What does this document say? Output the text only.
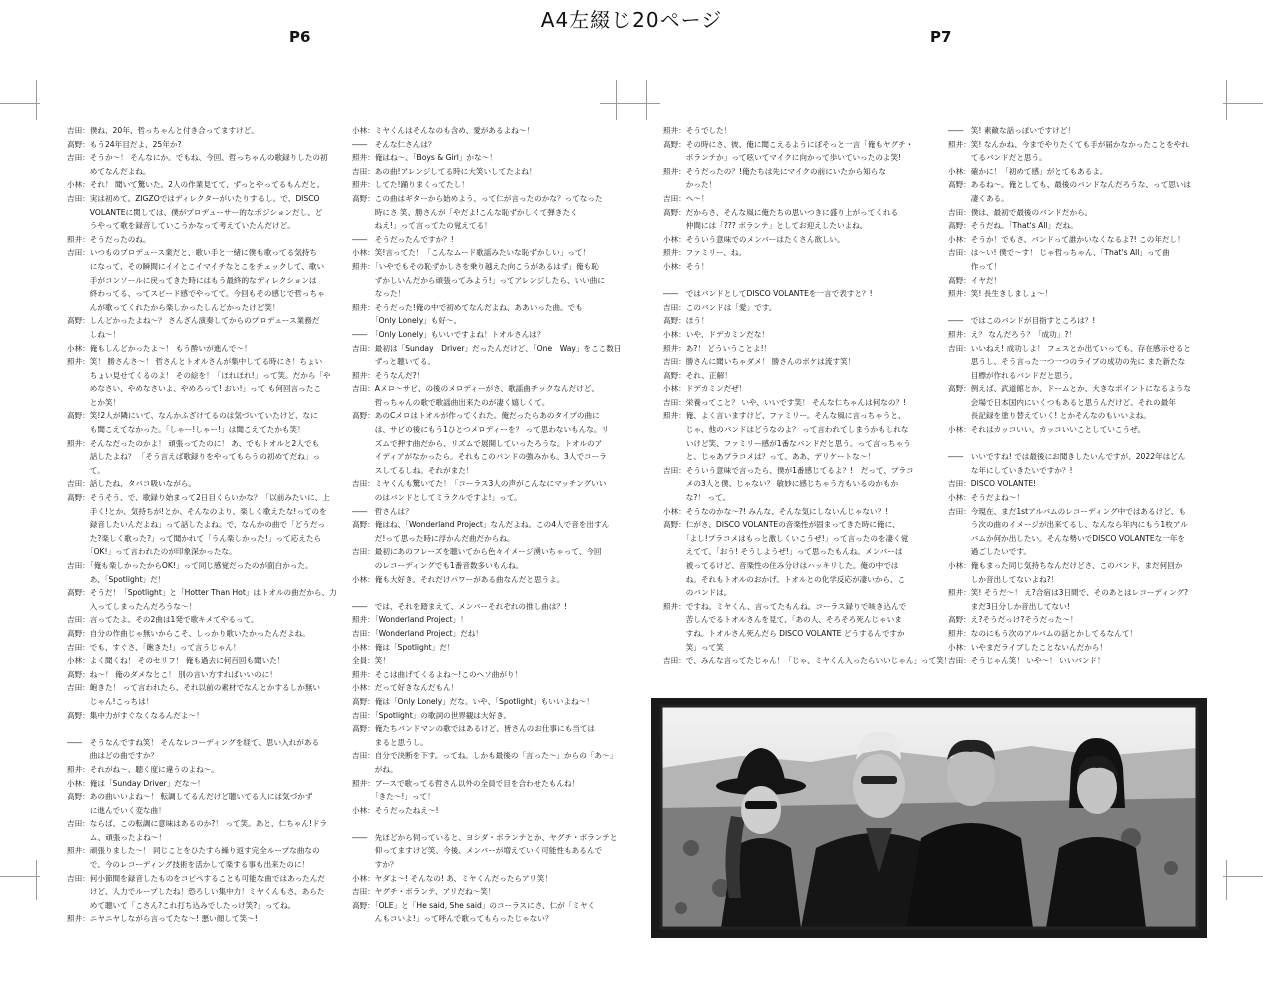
A4左綴じ20ページ
P6	P7

吉田：僕ね、20年、哲っちゃんと付き合ってますけど。

高野：もう24年目だよ、25年か?

吉田：そうか～！ そんなにか。でもね、今回、哲っちゃんの歌録りしたの初

　　　めてなんだよね。

小林：それ！ 聞いて驚いた。2人の作業見てて、ずっとやってるもんだと。

吉田：実は初めて。ZIGZOではディレクターがいたりするし。で、DISCO

　　　VOLANTEに関しては、僕がプロデューサー的なポジションだし、ど

　　　うやって歌を録音していこうかなって考えていたんだけど。

照井：そうだったのね。

吉田：いつものプロデュース業だと、歌い手と一緒に僕も歌ってる気持ち

　　　になって、その瞬間にイイとこイマイチなとこをチェックして、歌い

　　　手がコンソールに戻ってきた時にはもう最終的なディレクションは

　　　終わってる、ってスピード感でやってて。今回もその感じで哲っちゃ

　　　んが歌ってくれたから楽しかったしんどかったけど笑！

高野：しんどかったよね～？ さんざん演奏してからのプロデュース業務だ

　　　しね～！

小林：俺もしんどかったよ～！ もう酔いが進んで～！

照井：笑！ 勝さんさ～！ 哲さんとトオルさんが集中してる時にさ！ちょい

　　　ちょい見せてくるのよ！ その絵を！「ほれほれ!」って笑。だから「や

　　　めなさい、やめなさいよ、やめろって! おい!」って も何回言ったこ

　　　とか笑！

高野：笑!2人が隣にいて、なんかふざけてるのは気づいていたけど、なに

　　　も聞こえてなかった。「しゃー!しゃー!」は聞こえてたかも笑！

照井：そんなだったのかよ！ 頑張ってたのに！ あ、でもトオルと2人でも

　　　話したよね？ 「そう言えば歌録りをやってもらうの初めてだね」っ

　　　て。

吉田：話したね、タバコ吸いながら。

高野：そうそう、で、歌録り始まって2日目くらいかな？「以前みたいに、上

　　　手く!とか、気持ちが!とか、そんなのより、楽しく歌えたな!ってのを

　　　録音したいんだよね」って話したよね。で、なんかの曲で「どうだっ

　　　た?楽しく歌った?」って聞かれて「うん楽しかった!」って応えたら

　　　「OK!」って言われたのが印象深かったな。

吉田：「俺も楽しかったからOK!」って同じ感覚だったのが面白かった。

　　　あ、「Spotlight」だ！

高野：そうだ！「Spotlight」と「Hotter Than Hot」はトオルの曲だから、力

　　　入ってしまったんだろうな～！

吉田：言ってたよ。その2曲は1発で歌キメてやるって。

高野：自分の作曲じゃ無いからこそ、しっかり歌いたかったんだよね。

吉田：でも、すぐさ、「飽きた!」って言うじゃん！

小林：よく聞くね！ そのセリフ！ 俺も過去に何百回も聞いた！

高野：ね～！ 俺のダメなとこ！ 別の言い方すればいいのに！

吉田：飽きた！ って言われたら、それ以前の素材でなんとかするしか無い

　　　じゃん!こっちは！

高野：集中力がすぐなくなるんだよ～！

――　そうなんですね笑！ そんなレコーディングを経て、思い入れがある

　　　曲はどの曲ですか？

照井：それがね～、聴く度に違うのよね～。

小林：俺は「Sunday Driver」だな～！

高野：あの曲いいよね～！ 転調してるんだけど聴いてる人には気づかず

　　　に進んでいく変な曲！

吉田：ならば、この転調に意味はあるのか?！ って笑。あと、仁ちゃん!ドラ

　　　ム、頑張ったよね～！

照井：頑張りました～！ 同じことをひたすら繰り返す完全ループな曲なの

　　　で、今のレコーディング技術を活かして楽する事も出来たのに！

吉田：何小節間を録音したものをコピペすることも可能な曲ではあったんだ

　　　けど、人力でループしたね！恐ろしい集中力！ミヤくんもさ、あらた

　　　めて聴いて「こさん?これ打ち込みでしたっけ笑?」ってね。

照井：ニヤニヤしながら言ってたな～! 悪い顔して笑～!

小林：ミヤくんはそんなのも含め、愛があるよね～！

――　そんな仁さんは？

照井：俺はね～、「Boys & Girl」かな～！

吉田：あの曲!アレンジしてる時に大笑いしてたよね！

照井：してた!踊りまくってたし！

高野：この曲はギターから始めよう、って仁が言ったのかな？ってなった

　　　時にさ 笑、勝さんが「やだよ!こんな恥ずかしくて弾きたく

　　　ねえ!」って言ってたの覚えてる！

――　そうだったんですか？!

小林：笑!言ってた！「こんなムード歌謡みたいな恥ずかしい」って！

照井：「いやでもその恥ずかしさを乗り越えた向こうがあるはず」俺も恥

　　　ずかしいんだから頑張ってみよう!」ってアレンジしたら、いい曲に

　　　なった！

照井：そうだった!俺の中で初めてなんだよね、ああいった曲。でも

　　　「Only Lonely」も好～。

――　「Only Lonely」もいいですよね！トオルさんは？

吉田：最初は「Sunday　Driver」だったんだけど、「One　Way」をここ数日

　　　ずっと聴いてる。

照井：そうなんだ?！

吉田：Aメロ～サビ、の後のメロディーがさ、歌謡曲チックなんだけど、

　　　哲っちゃんの歌で歌謡曲出来たのが凄く嬉しくて。

高野：あのCメロはトオルが作ってくれた。俺だったらあのタイプの曲に

　　　は、サビの後にもう1ひとつメロディーを？ って思わないもんな。リ

　　　ズムで押す曲だから、リズムで展開していったろうな。トオルのア

　　　イディアがなかったら。それもこのバンドの強みかも。3人でコーラ

　　　スしてるしね。それがまた！

吉田：ミヤくんも驚いてた！「コーラス3人の声がこんなにマッチングいい

　　　のはバンドとしてミラクルですよ!」って。

――　哲さんは？

高野：俺はね、「Wonderland Project」なんだよね。この4人で音を出すん

　　　だ!って思った時に浮かんだ曲だからね。

吉田：最初にあのフレーズを聴いてから色々イメージ湧いちゃって、今回

　　　のレコーディングでも1番音数多いもんね。

小林：俺も大好き。それだけパワーがある曲なんだと思うよ。

――　では、それを踏まえて、メンバーそれぞれの推し曲は？!

照井：「Wonderland Project」！

吉田：「Wonderland Project」だね！

小林：俺は「Spotlight」だ！

全員：笑！

照井：そこは曲げてくるよね～!このヘソ曲がり！

小林：だって好きなんだもん！

高野：俺は「Only Lonely」だな。いや、「Spotlight」もいいよね～！

吉田：「Spotlight」の歌詞の世界観は大好き。

高野：俺たちバンドマンの歌ではあるけど、皆さんのお仕事にも当ては

　　　まると思うし。

吉田：自分で決断を下す。ってね。しかも最後の「言った～」からの「あ～」

　　　がね。

照井：ブースで歌ってる哲さん以外の全員で目を合わせたもんね！

　　　「きた～!」って！

小林：そうだったねえ～!

――　先ほどから伺っていると、ヨシダ・ボランテとか、ヤグチ・ボランテと

　　　仰ってますけど笑、今後、メンバーが増えていく可能性もあるんで

　　　すか？

小林：ヤダよ～! そんなの! あ、ミヤくんだったらアリ笑！

吉田：ヤグチ・ボランテ、アリだね～笑！

高野：「OLE」と「He said, She said」のコーラスにさ、仁が「ミヤく

　　　んもコいよ!」って呼んで歌ってもらったじゃない？

照井：そうでした！

高野：その時にさ、彼、俺に聞こえるようにぼそっと一言「俺もヤグチ・

　　　ボランテか」って呟いてマイクに向かって歩いていったのよ笑!

照井：そうだったの？!俺たちは先にマイクの前にいたから知らな

　　　かった！

吉田：へ～！

高野：だからさ、そんな風に俺たちの思いつきに盛り上がってくれる

　　　仲間には「??? ボランテ」としてお迎えしたいよね。

小林：そういう意味でのメンバーはたくさん欲しい。

照井：ファミリー、ね。

小林：そう！

――　ではバンドとしてDISCO VOLANTEを一言で表すと？!

吉田：このバンドは「愛」です。

高野：ほう！

小林：いや、ドデカミンだな！

照井：あ?！ どういうことよ!！

吉田：勝さんに聞いちゃダメ！ 勝さんのボケは流す笑！

高野：それ、正解！

小林：ドデカミンだぜ！

吉田：栄養ってこと？ いや、いいです笑！ そんな仁ちゃんは何なの？!

照井：俺、よく言いますけど、ファミリー。そんな風に言っちゃうと、

　　　じゃ、他のバンドはどうなのよ？ って言われてしまうかもしれな

　　　いけど笑、ファミリー感が1番なバンドだと思う。って言っちゃう

　　　と、じゃあプラコメは？って、ああ、デリケートな～！

吉田：そういう意味で言ったら、僕が1番感じてるよ？!　だって、プラコ

　　　メの3人と僕、じゃない？ 敏妙に感じちゃう方もいるのかもか

　　　な?！ って。

小林：そうなのかな～?! みんな、そんな気にしないんじゃない？!

高野：仁がさ、DISCO VOLANTEの音楽性が固まってきた時に俺に、

　　　「よし!プラコメはもっと激しくいこうぜ!」って言ったのを凄く覚

　　　えてて。「おう! そうしようぜ!」って思ったもんね。メンバーは

　　　被ってるけど、音楽性の住み分けはハッキリした。俺の中では

　　　ね。それもトオルのおかげ。トオルとの化学反応が凄いから、こ

　　　のバンドは。

照井：ですね。ミヤくん、言ってたもんね。コーラス録りで咳き込んで

　　　苦しんでるトオルさんを見て、「あの人、そろそろ死んじゃいま

　　　すね。トオルさん死んだら DISCO VOLANTE どうするんですか

　　　笑」って笑

吉田：で、みんな言ってたじゃん！「じゃ、ミヤくん入ったらいいじゃん」って笑！

――　笑! 素敵な話っぽいですけど！

照井：笑! なんかね、今までやりたくても手が届かなかったことをやれ

　　　てるバンドだと思う。

小林：確かに！「初めて感」がとてもあるよ。

高野：あるね～。俺としても、最後のバンドなんだろうな、って思いは

　　　凄くある。

吉田：僕は、最初で最後のバンドだから。

高野：そうだね。「That's All」だね。

小林：そうか！でもさ、バンドって誰かいなくなるよ?! この年だし！

吉田：は～い! 僕で～す！ じゃ哲っちゃん、「That's All」って曲

　　　作って！

高野：イヤだ！

照井：笑! 長生きしましょ～！

――　ではこのバンドが目指すところは？!

照井：え？ なんだろう？「成功」?！

吉田：いいねえ! 成功しよ！ フェスとか出ていっても、存在感示せると

　　　思うし、そう言った一つ一つのライブの成功の先に また新たな

　　　目標が作れるバンドだと思う。

高野：例えば、武道館とか、ドームとか、大きなポイントになるような

　　　会場で日本国内にいくつもあると思うんだけど、それの最年

　　　長記録を塗り替えていく! とかそんなのもいいよね。

小林：それはカッコいい。カッコいいことしていこうぜ。

――　いいですね! では最後にお聞きしたいんですが、2022年はどん

　　　な年にしていきたいですか？!

吉田：DISCO VOLANTE!

小林：そうだよね～！

吉田：今現在、まだ1stアルバムのレコーディング中ではあるけど、も

　　　う次の曲のイメージが出来てるし、なんなら年内にもう1枚アル

　　　バムか何か出したい。そんな勢いでDISCO VOLANTEな一年を

　　　過ごしたいです。

小林：俺もまった同じ気持ちなんだけどさ、このバンド、まだ何回か

　　　しか音出してないよね?！

照井：笑! そうだ～！ え?合宿は3日間で、そのあとはレコーディング?

　　　まだ3日分しか音出してない!

高野：え?そうだっけ?そうだった～！

照井：なのにもう次のアルバムの話とかしてるなんて！

小林：いやまだライブしたことないんだから！

吉田：そうじゃん笑！ いや～！ いいバンド！
